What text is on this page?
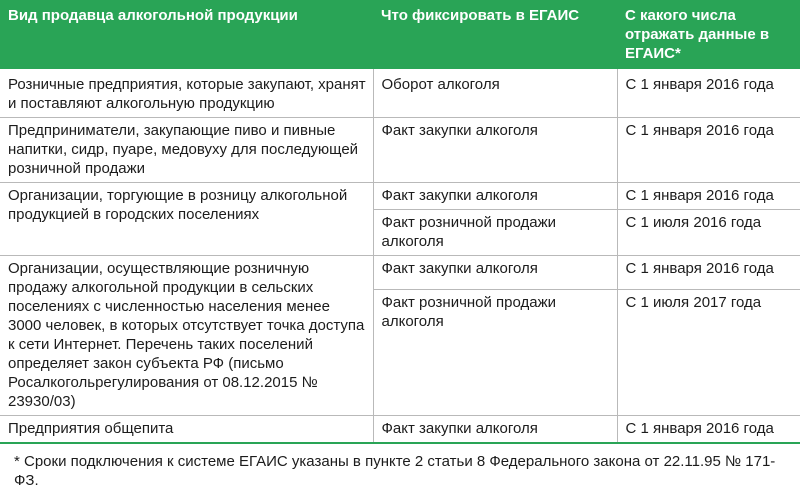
Вид продавца алкогольной продукции	Что фиксировать в ЕГАИС	С какого числа отражать данные в ЕГАИС*
Розничные предприятия, которые закупают, хранят и поставляют алкогольную продукцию	Оборот алкоголя	С 1 января 2016 года
Предприниматели, закупающие пиво и пивные напитки, сидр, пуаре, медовуху для последующей розничной продажи	Факт закупки алкоголя	С 1 января 2016 года
Организации, торгующие в розницу алкогольной продукцией в городских поселениях	Факт закупки алкоголя	С 1 января 2016 года
	Факт розничной продажи алкоголя	С 1 июля 2016 года
Организации, осуществляющие розничную продажу алкогольной продукции в сельских поселениях с численностью населения менее 3000 человек, в которых отсутствует точка доступа к сети Интернет. Перечень таких поселений определяет закон субъекта РФ (письмо Росалкогольрегулирования от 08.12.2015 № 23930/03)	Факт закупки алкоголя	С 1 января 2016 года
	Факт розничной продажи алкоголя	С 1 июля 2017 года
Предприятия общепита	Факт закупки алкоголя	С 1 января 2016 года
* Сроки подключения к системе ЕГАИС указаны в пункте 2 статьи 8 Федерального закона от 22.11.95 № 171-ФЗ.
